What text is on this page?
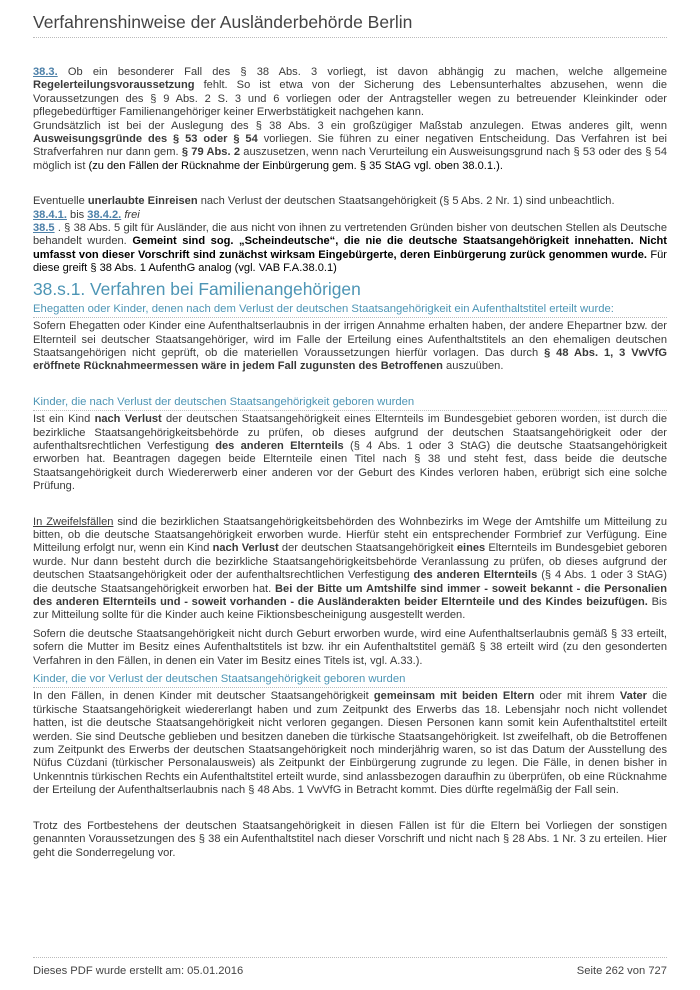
Verfahrenshinweise der Ausländerbehörde Berlin

38.3. Ob ein besonderer Fall des § 38 Abs. 3 vorliegt, ist davon abhängig zu machen, welche allgemeine Regelerteilungsvoraussetzung fehlt. So ist etwa von der Sicherung des Lebensunterhaltes abzusehen, wenn die Voraussetzungen des § 9 Abs. 2 S. 3 und 6 vorliegen oder der Antragsteller wegen zu betreuender Kleinkinder oder pflegebedürftiger Familienangehöriger keiner Erwerbstätigkeit nachgehen kann.

Grundsätzlich ist bei der Auslegung des § 38 Abs. 3 ein großzügiger Maßstab anzulegen. Etwas anderes gilt, wenn Ausweisungsgründe des § 53 oder § 54 vorliegen. Sie führen zu einer negativen Entscheidung. Das Verfahren ist bei Strafverfahren nur dann gem. § 79 Abs. 2 auszusetzen, wenn nach Verurteilung ein Ausweisungsgrund nach § 53 oder des § 54 möglich ist (zu den Fällen der Rücknahme der Einbürgerung gem. § 35 StAG vgl. oben 38.0.1.).

Eventuelle unerlaubte Einreisen nach Verlust der deutschen Staatsangehörigkeit (§ 5 Abs. 2 Nr. 1) sind unbeachtlich.

38.4.1. bis 38.4.2. frei

38.5 . § 38 Abs. 5 gilt für Ausländer, die aus nicht von ihnen zu vertretenden Gründen bisher von deutschen Stellen als Deutsche behandelt wurden. Gemeint sind sog. „Scheindeutsche“, die nie die deutsche Staatsangehörigkeit innehatten. Nicht umfasst von dieser Vorschrift sind zunächst wirksam Eingebürgerte, deren Einbürgerung zurück genommen wurde. Für diese greift § 38 Abs. 1 AufenthG analog (vgl. VAB F.A.38.0.1)

38.s.1. Verfahren bei Familienangehörigen
Ehegatten oder Kinder, denen nach dem Verlust der deutschen Staatsangehörigkeit ein Aufenthaltstitel erteilt wurde:

Sofern Ehegatten oder Kinder eine Aufenthaltserlaubnis in der irrigen Annahme erhalten haben, der andere Ehepartner bzw. der Elternteil sei deutscher Staatsangehöriger, wird im Falle der Erteilung eines Aufenthaltstitels an den ehemaligen deutschen Staatsangehörigen nicht geprüft, ob die materiellen Voraussetzungen hierfür vorlagen. Das durch § 48 Abs. 1, 3 VwVfG eröffnete Rücknahmeermessen wäre in jedem Fall zugunsten des Betroffenen auszuüben.

Kinder, die nach Verlust der deutschen Staatsangehörigkeit geboren wurden

Ist ein Kind nach Verlust der deutschen Staatsangehörigkeit eines Elternteils im Bundesgebiet geboren worden, ist durch die bezirkliche Staatsangehörigkeitsbehörde zu prüfen, ob dieses aufgrund der deutschen Staatsangehörigkeit oder der aufenthaltsrechtlichen Verfestigung des anderen Elternteils (§ 4 Abs. 1 oder 3 StAG) die deutsche Staatsangehörigkeit erworben hat. Beantragen dagegen beide Elternteile einen Titel nach § 38 und steht fest, dass beide die deutsche Staatsangehörigkeit durch Wiedererwerb einer anderen vor der Geburt des Kindes verloren haben, erübrigt sich eine solche Prüfung.

In Zweifelsfällen sind die bezirklichen Staatsangehörigkeitsbehörden des Wohnbezirks im Wege der Amtshilfe um Mitteilung zu bitten, ob die deutsche Staatsangehörigkeit erworben wurde. Hierfür steht ein entsprechender Formbrief zur Verfügung. Eine Mitteilung erfolgt nur, wenn ein Kind nach Verlust der deutschen Staatsangehörigkeit eines Elternteils im Bundesgebiet geboren wurde. Nur dann besteht durch die bezirkliche Staatsangehörigkeitsbehörde Veranlassung zu prüfen, ob dieses aufgrund der deutschen Staatsangehörigkeit oder der aufenthaltsrechtlichen Verfestigung des anderen Elternteils (§ 4 Abs. 1 oder 3 StAG) die deutsche Staatsangehörigkeit erworben hat. Bei der Bitte um Amtshilfe sind immer - soweit bekannt - die Personalien des anderen Elternteils und - soweit vorhanden - die Ausländerakten beider Elternteile und des Kindes beizufügen. Bis zur Mitteilung sollte für die Kinder auch keine Fiktionsbescheinigung ausgestellt werden.

Sofern die deutsche Staatsangehörigkeit nicht durch Geburt erworben wurde, wird eine Aufenthaltserlaubnis gemäß § 33 erteilt, sofern die Mutter im Besitz eines Aufenthaltstitels ist bzw. ihr ein Aufenthaltstitel gemäß § 38 erteilt wird (zu den gesonderten Verfahren in den Fällen, in denen ein Vater im Besitz eines Titels ist, vgl. A.33.).

Kinder, die vor Verlust der deutschen Staatsangehörigkeit geboren wurden

In den Fällen, in denen Kinder mit deutscher Staatsangehörigkeit gemeinsam mit beiden Eltern oder mit ihrem Vater die türkische Staatsangehörigkeit wiedererlangt haben und zum Zeitpunkt des Erwerbs das 18. Lebensjahr noch nicht vollendet hatten, ist die deutsche Staatsangehörigkeit nicht verloren gegangen. Diesen Personen kann somit kein Aufenthaltstitel erteilt werden. Sie sind Deutsche geblieben und besitzen daneben die türkische Staatsangehörigkeit. Ist zweifelhaft, ob die Betroffenen zum Zeitpunkt des Erwerbs der deutschen Staatsangehörigkeit noch minderjährig waren, so ist das Datum der Ausstellung des Nüfus Cüzdani (türkischer Personalausweis) als Zeitpunkt der Einbürgerung zugrunde zu legen. Die Fälle, in denen bisher in Unkenntnis türkischen Rechts ein Aufenthaltstitel erteilt wurde, sind anlassbezogen daraufhin zu überprüfen, ob eine Rücknahme der Erteilung der Aufenthaltserlaubnis nach § 48 Abs. 1 VwVfG in Betracht kommt. Dies dürfte regelmäßig der Fall sein.

Trotz des Fortbestehens der deutschen Staatsangehörigkeit in diesen Fällen ist für die Eltern bei Vorliegen der sonstigen genannten Voraussetzungen des § 38 ein Aufenthaltstitel nach dieser Vorschrift und nicht nach § 28 Abs. 1 Nr. 3 zu erteilen. Hier geht die Sonderregelung vor.

Dieses PDF wurde erstellt am: 05.01.2016	Seite 262 von 727
